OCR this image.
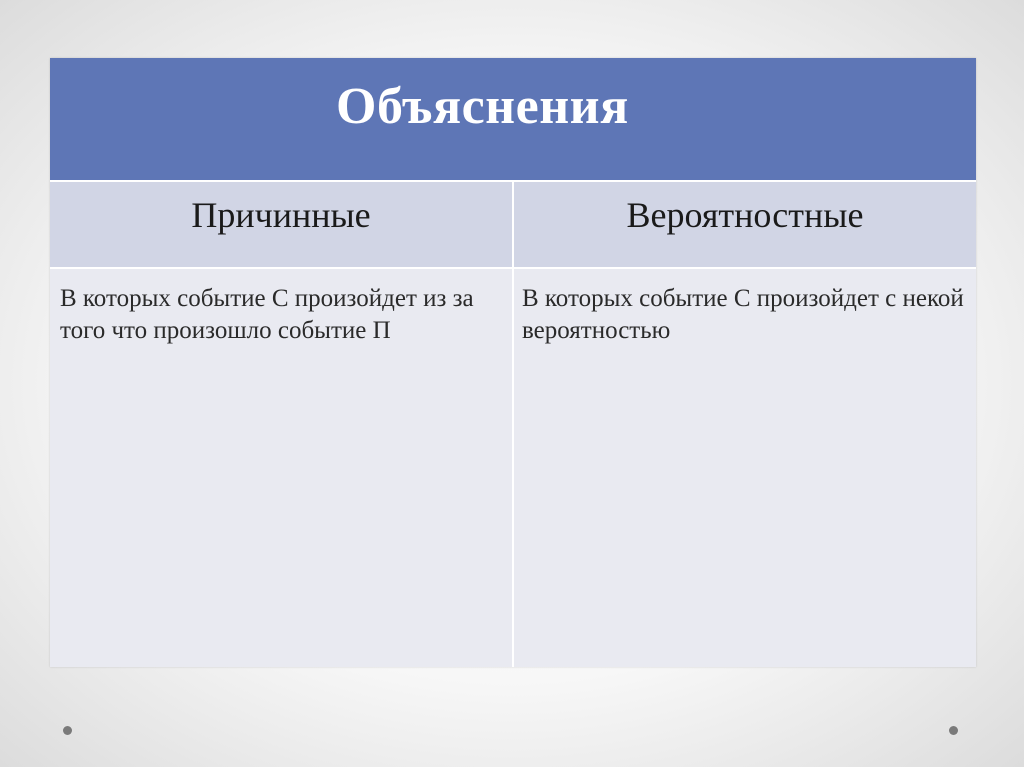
Объяснения
Причинные	Вероятностные
В которых событие С произойдет из за того что произошло событие П
В которых событие С произойдет с некой вероятностью
